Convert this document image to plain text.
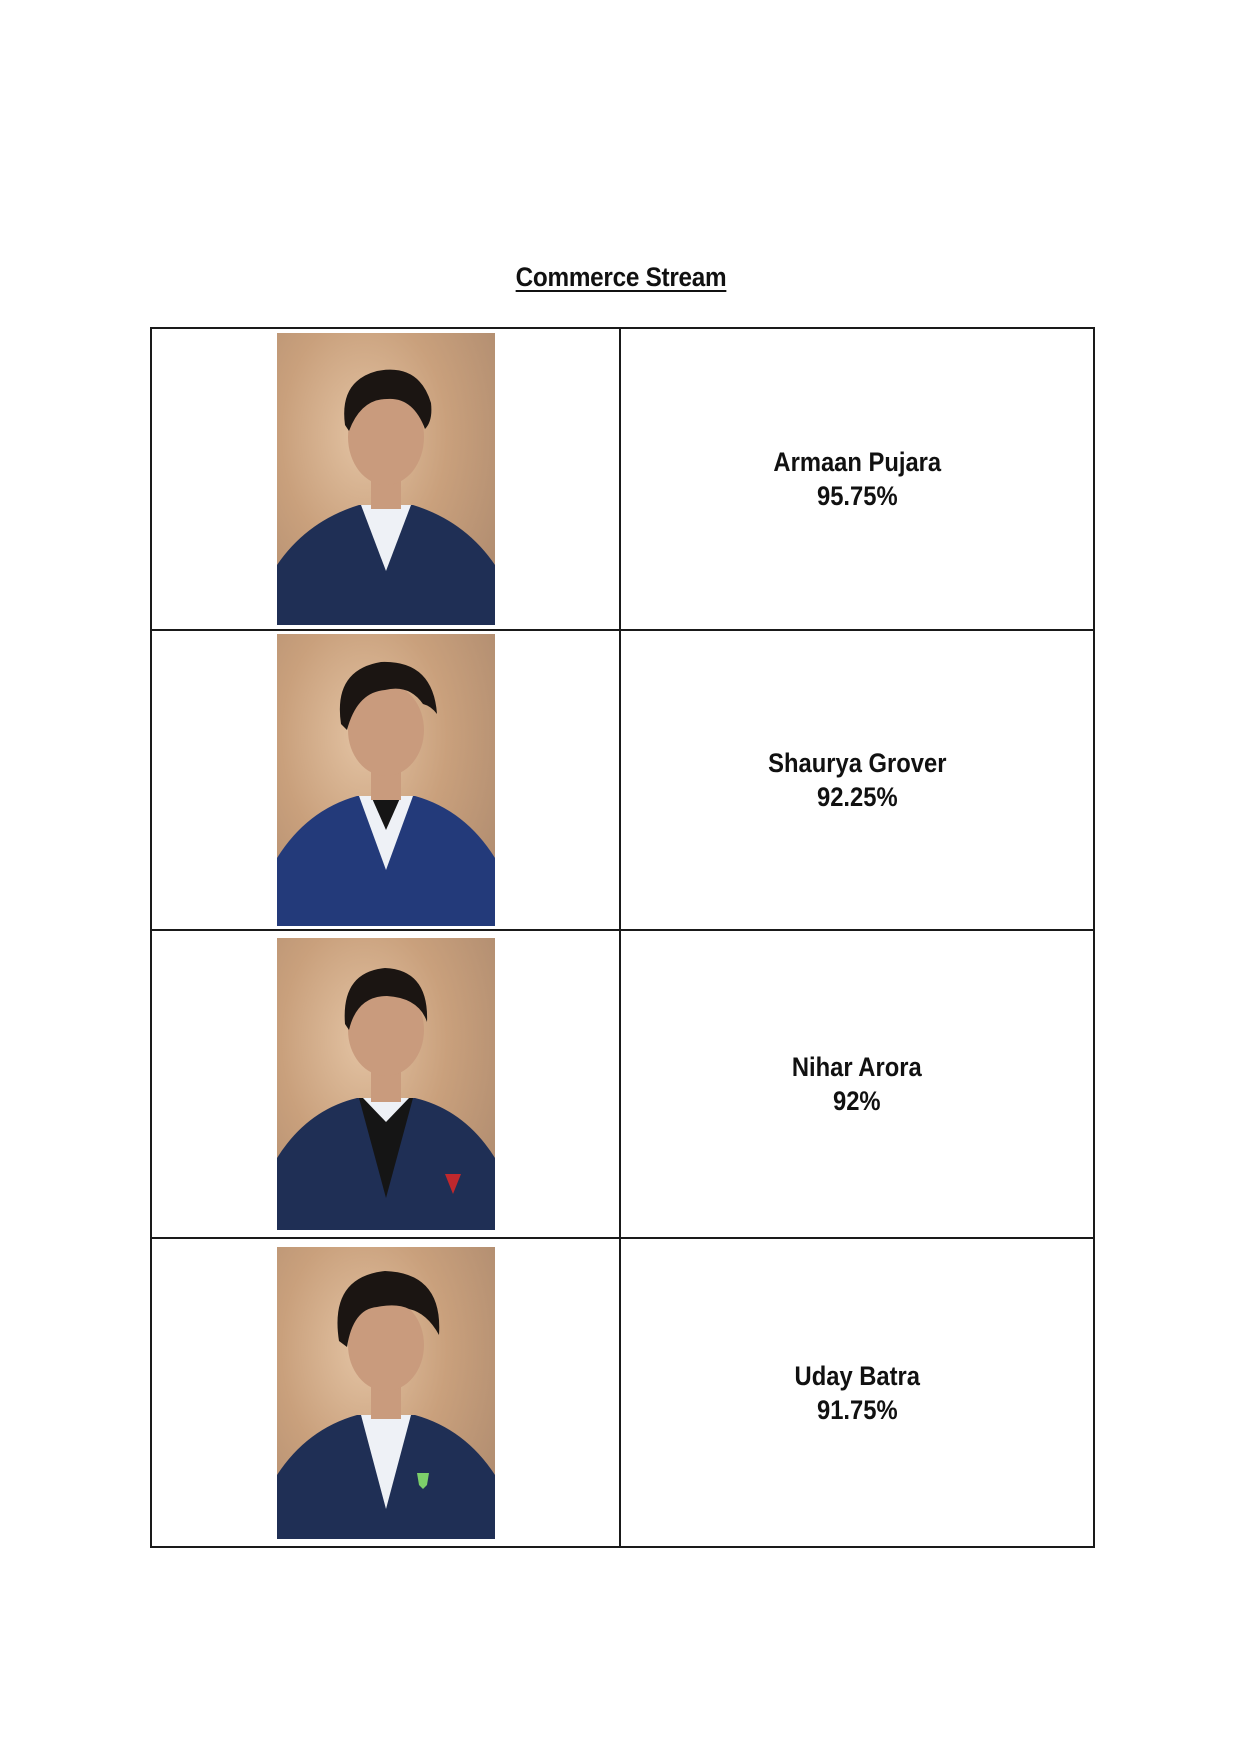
Commerce Stream

Armaan Pujara
95.75%

Shaurya Grover
92.25%

Nihar Arora
92%

Uday Batra
91.75%
